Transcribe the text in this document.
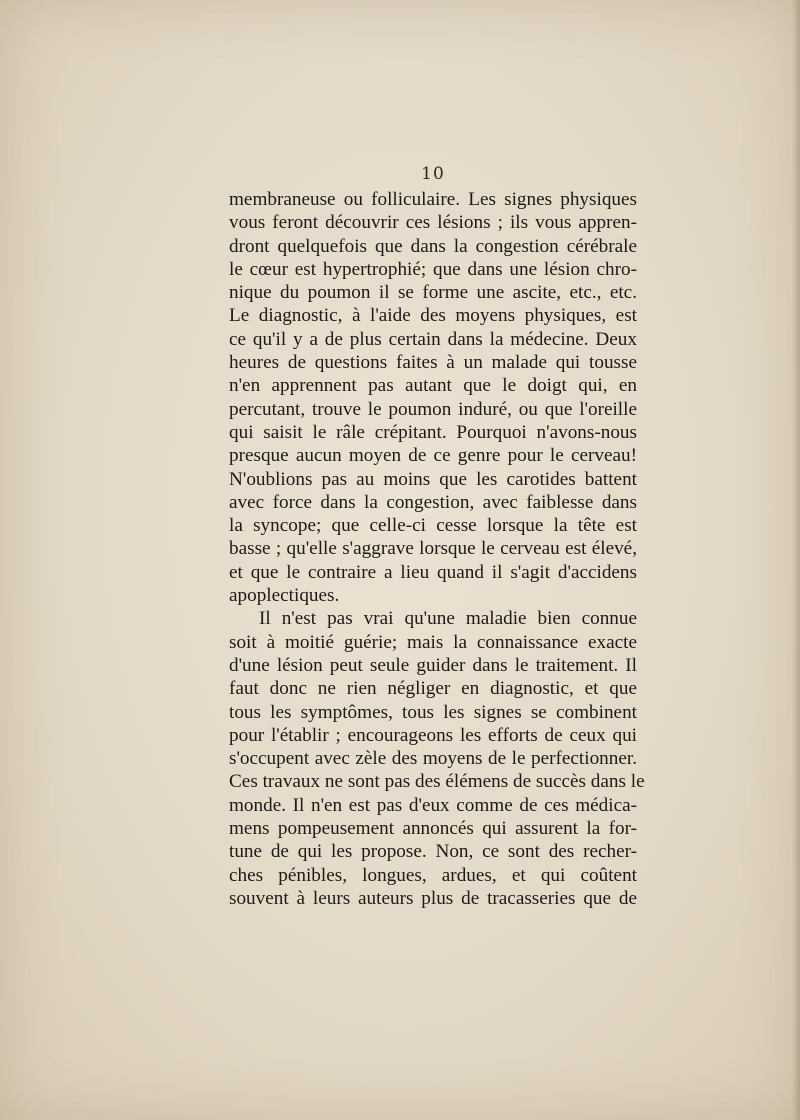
10
membraneuse ou folliculaire. Les signes physiques
vous feront découvrir ces lésions ; ils vous appren-
dront quelquefois que dans la congestion cérébrale
le cœur est hypertrophié; que dans une lésion chro-
nique du poumon il se forme une ascite, etc., etc.
Le diagnostic, à l'aide des moyens physiques, est
ce qu'il y a de plus certain dans la médecine. Deux
heures de questions faites à un malade qui tousse
n'en apprennent pas autant que le doigt qui, en
percutant, trouve le poumon induré, ou que l'oreille
qui saisit le râle crépitant. Pourquoi n'avons-nous
presque aucun moyen de ce genre pour le cerveau!
N'oublions pas au moins que les carotides battent
avec force dans la congestion, avec faiblesse dans
la syncope; que celle-ci cesse lorsque la tête est
basse ; qu'elle s'aggrave lorsque le cerveau est élevé,
et que le contraire a lieu quand il s'agit d'accidens
apoplectiques.
Il n'est pas vrai qu'une maladie bien connue
soit à moitié guérie; mais la connaissance exacte
d'une lésion peut seule guider dans le traitement. Il
faut donc ne rien négliger en diagnostic, et que
tous les symptômes, tous les signes se combinent
pour l'établir ; encourageons les efforts de ceux qui
s'occupent avec zèle des moyens de le perfectionner.
Ces travaux ne sont pas des élémens de succès dans le
monde. Il n'en est pas d'eux comme de ces médica-
mens pompeusement annoncés qui assurent la for-
tune de qui les propose. Non, ce sont des recher-
ches pénibles, longues, ardues, et qui coûtent
souvent à leurs auteurs plus de tracasseries que de
